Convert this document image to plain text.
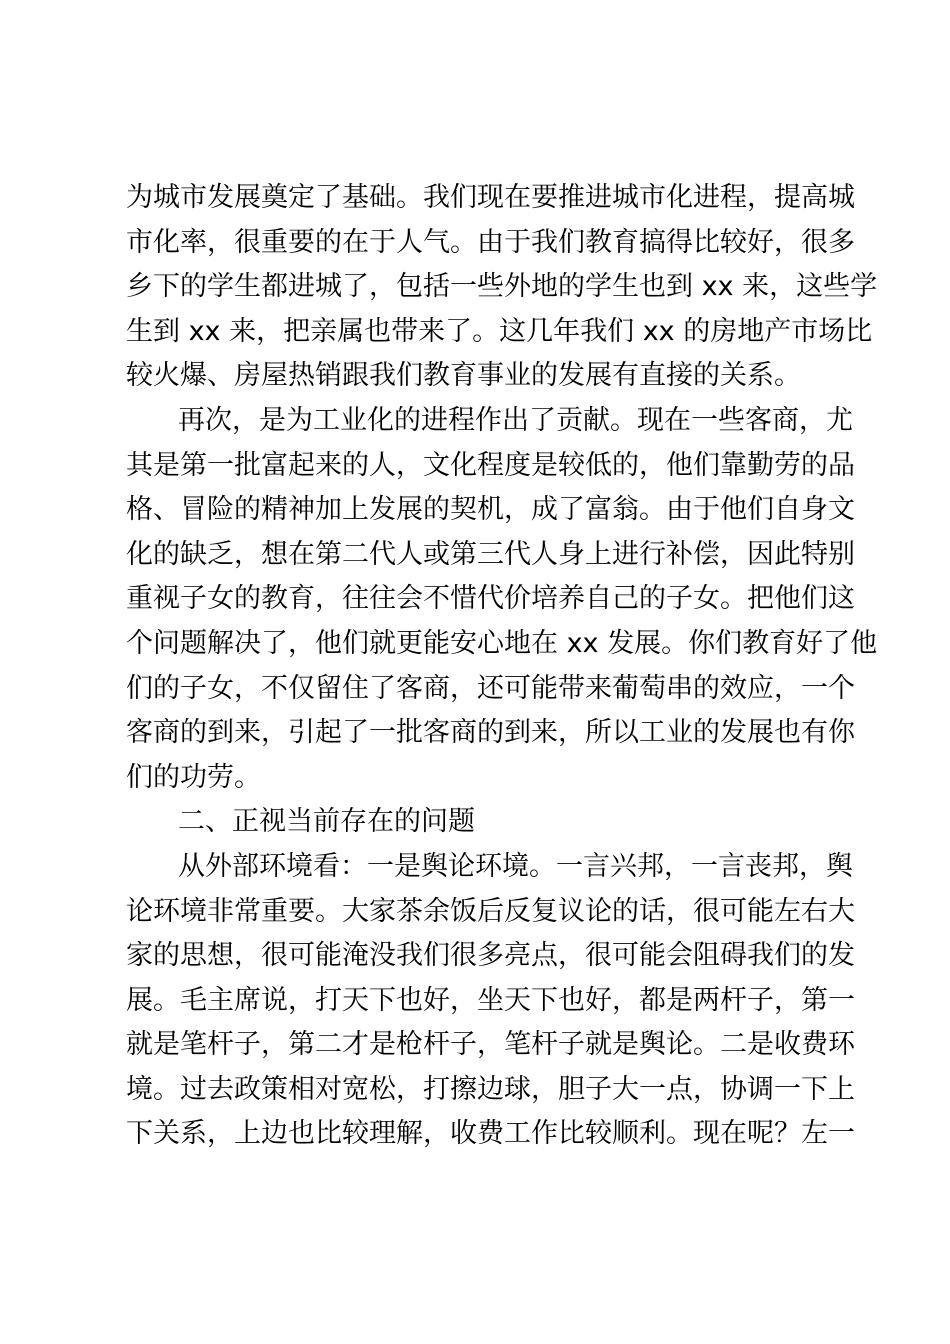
为城市发展奠定了基础。我们现在要推进城市化进程，提高城
市化率，很重要的在于人气。由于我们教育搞得比较好，很多
乡下的学生都进城了，包括一些外地的学生也到 xx 来，这些学
生到 xx 来，把亲属也带来了。这几年我们 xx 的房地产市场比
较火爆、房屋热销跟我们教育事业的发展有直接的关系。
再次，是为工业化的进程作出了贡献。现在一些客商，尤
其是第一批富起来的人，文化程度是较低的，他们靠勤劳的品
格、冒险的精神加上发展的契机，成了富翁。由于他们自身文
化的缺乏，想在第二代人或第三代人身上进行补偿，因此特别
重视子女的教育，往往会不惜代价培养自己的子女。把他们这
个问题解决了，他们就更能安心地在 xx 发展。你们教育好了他
们的子女，不仅留住了客商，还可能带来葡萄串的效应，一个
客商的到来，引起了一批客商的到来，所以工业的发展也有你
们的功劳。
二、正视当前存在的问题
从外部环境看：一是舆论环境。一言兴邦，一言丧邦，舆
论环境非常重要。大家茶余饭后反复议论的话，很可能左右大
家的思想，很可能淹没我们很多亮点，很可能会阻碍我们的发
展。毛主席说，打天下也好，坐天下也好，都是两杆子，第一
就是笔杆子，第二才是枪杆子，笔杆子就是舆论。二是收费环
境。过去政策相对宽松，打擦边球，胆子大一点，协调一下上
下关系，上边也比较理解，收费工作比较顺利。现在呢？左一
